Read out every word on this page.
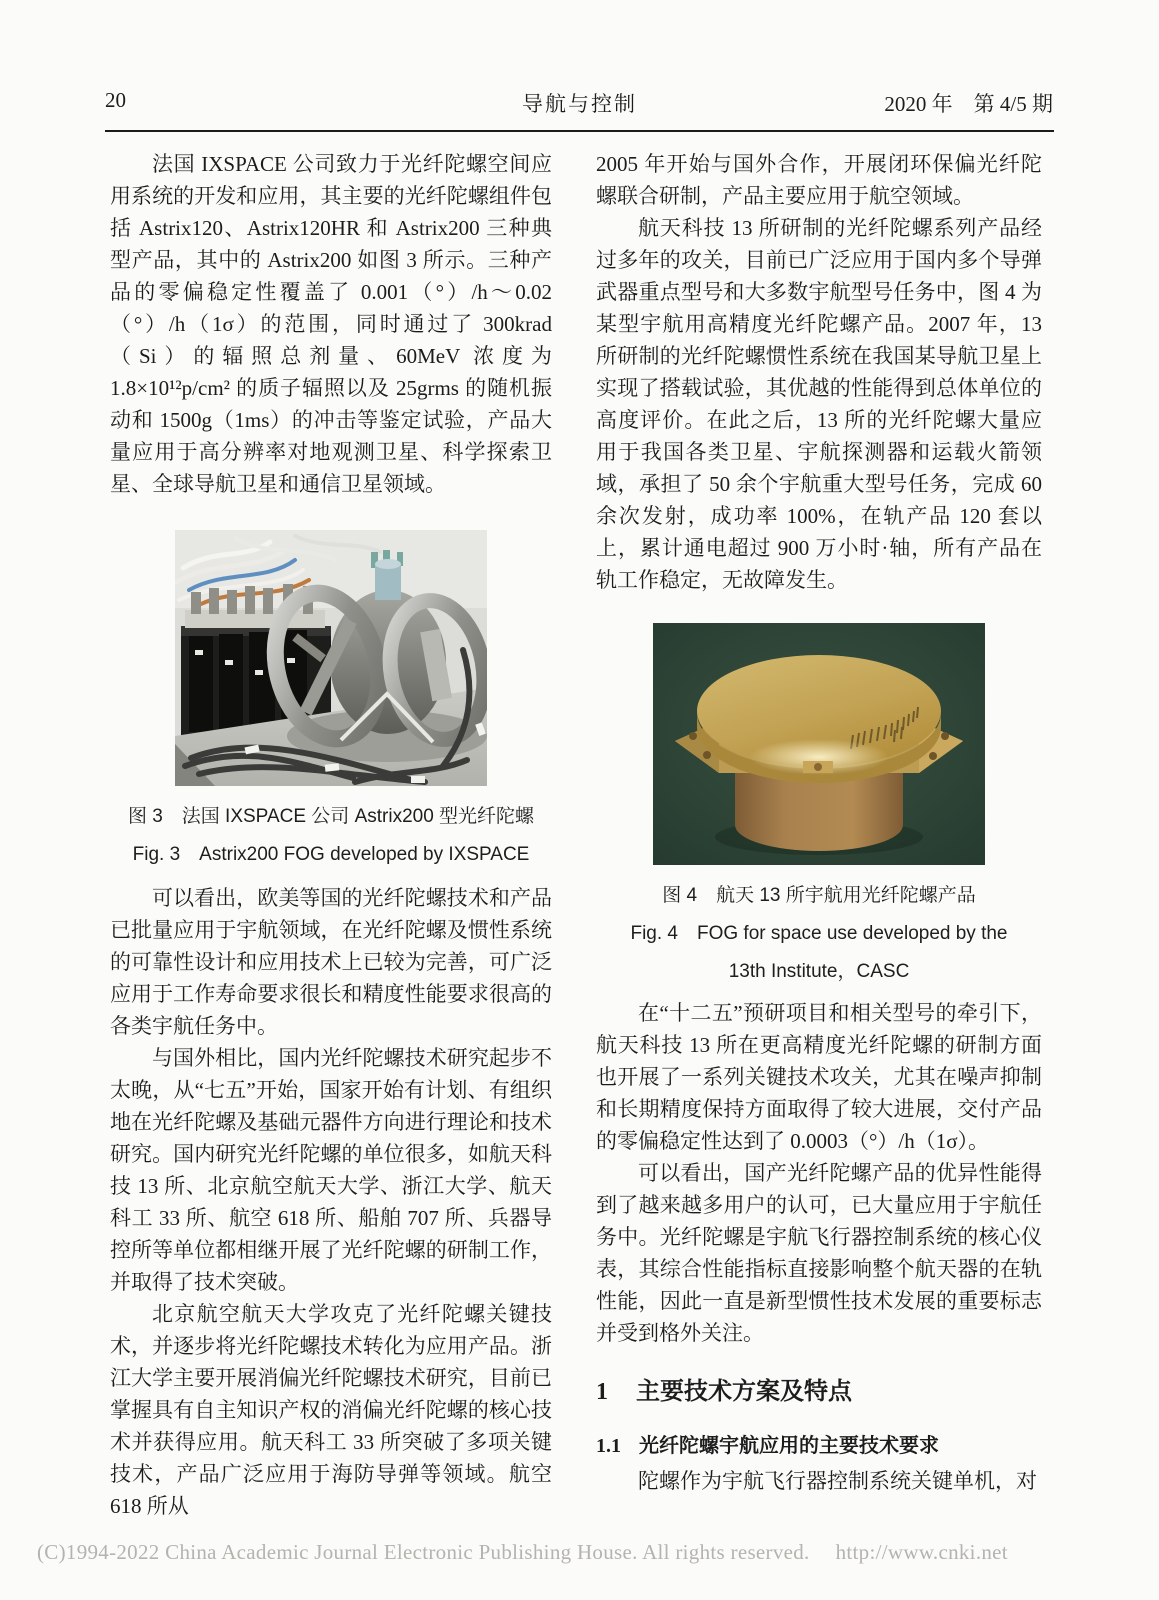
20	导航与控制	2020 年　第 4/5 期

法国 IXSPACE 公司致力于光纤陀螺空间应用系统的开发和应用，其主要的光纤陀螺组件包括 Astrix120、Astrix120HR 和 Astrix200 三种典型产品，其中的 Astrix200 如图 3 所示。三种产品的零偏稳定性覆盖了 0.001（°）/h～0.02（°）/h（1σ）的范围，同时通过了 300krad（Si）的辐照总剂量、60MeV 浓度为 1.8×10¹²p/cm² 的质子辐照以及 25grms 的随机振动和 1500g（1ms）的冲击等鉴定试验，产品大量应用于高分辨率对地观测卫星、科学探索卫星、全球导航卫星和通信卫星领域。

图 3　法国 IXSPACE 公司 Astrix200 型光纤陀螺
Fig. 3　Astrix200 FOG developed by IXSPACE

可以看出，欧美等国的光纤陀螺技术和产品已批量应用于宇航领域，在光纤陀螺及惯性系统的可靠性设计和应用技术上已较为完善，可广泛应用于工作寿命要求很长和精度性能要求很高的各类宇航任务中。

与国外相比，国内光纤陀螺技术研究起步不太晚，从“七五”开始，国家开始有计划、有组织地在光纤陀螺及基础元器件方向进行理论和技术研究。国内研究光纤陀螺的单位很多，如航天科技 13 所、北京航空航天大学、浙江大学、航天科工 33 所、航空 618 所、船舶 707 所、兵器导控所等单位都相继开展了光纤陀螺的研制工作，并取得了技术突破。

北京航空航天大学攻克了光纤陀螺关键技术，并逐步将光纤陀螺技术转化为应用产品。浙江大学主要开展消偏光纤陀螺技术研究，目前已掌握具有自主知识产权的消偏光纤陀螺的核心技术并获得应用。航天科工 33 所突破了多项关键技术，产品广泛应用于海防导弹等领域。航空 618 所从

2005 年开始与国外合作，开展闭环保偏光纤陀螺联合研制，产品主要应用于航空领域。

航天科技 13 所研制的光纤陀螺系列产品经过多年的攻关，目前已广泛应用于国内多个导弹武器重点型号和大多数宇航型号任务中，图 4 为某型宇航用高精度光纤陀螺产品。2007 年，13 所研制的光纤陀螺惯性系统在我国某导航卫星上实现了搭载试验，其优越的性能得到总体单位的高度评价。在此之后，13 所的光纤陀螺大量应用于我国各类卫星、宇航探测器和运载火箭领域，承担了 50 余个宇航重大型号任务，完成 60 余次发射，成功率 100%，在轨产品 120 套以上，累计通电超过 900 万小时·轴，所有产品在轨工作稳定，无故障发生。

图 4　航天 13 所宇航用光纤陀螺产品
Fig. 4　FOG for space use developed by the
13th Institute，CASC

在“十二五”预研项目和相关型号的牵引下，航天科技 13 所在更高精度光纤陀螺的研制方面也开展了一系列关键技术攻关，尤其在噪声抑制和长期精度保持方面取得了较大进展，交付产品的零偏稳定性达到了 0.0003（°）/h（1σ）。

可以看出，国产光纤陀螺产品的优异性能得到了越来越多用户的认可，已大量应用于宇航任务中。光纤陀螺是宇航飞行器控制系统的核心仪表，其综合性能指标直接影响整个航天器的在轨性能，因此一直是新型惯性技术发展的重要标志并受到格外关注。

1 主要技术方案及特点
1.1 光纤陀螺宇航应用的主要技术要求

陀螺作为宇航飞行器控制系统关键单机，对

(C)1994-2022 China Academic Journal Electronic Publishing House. All rights reserved. http://www.cnki.net
